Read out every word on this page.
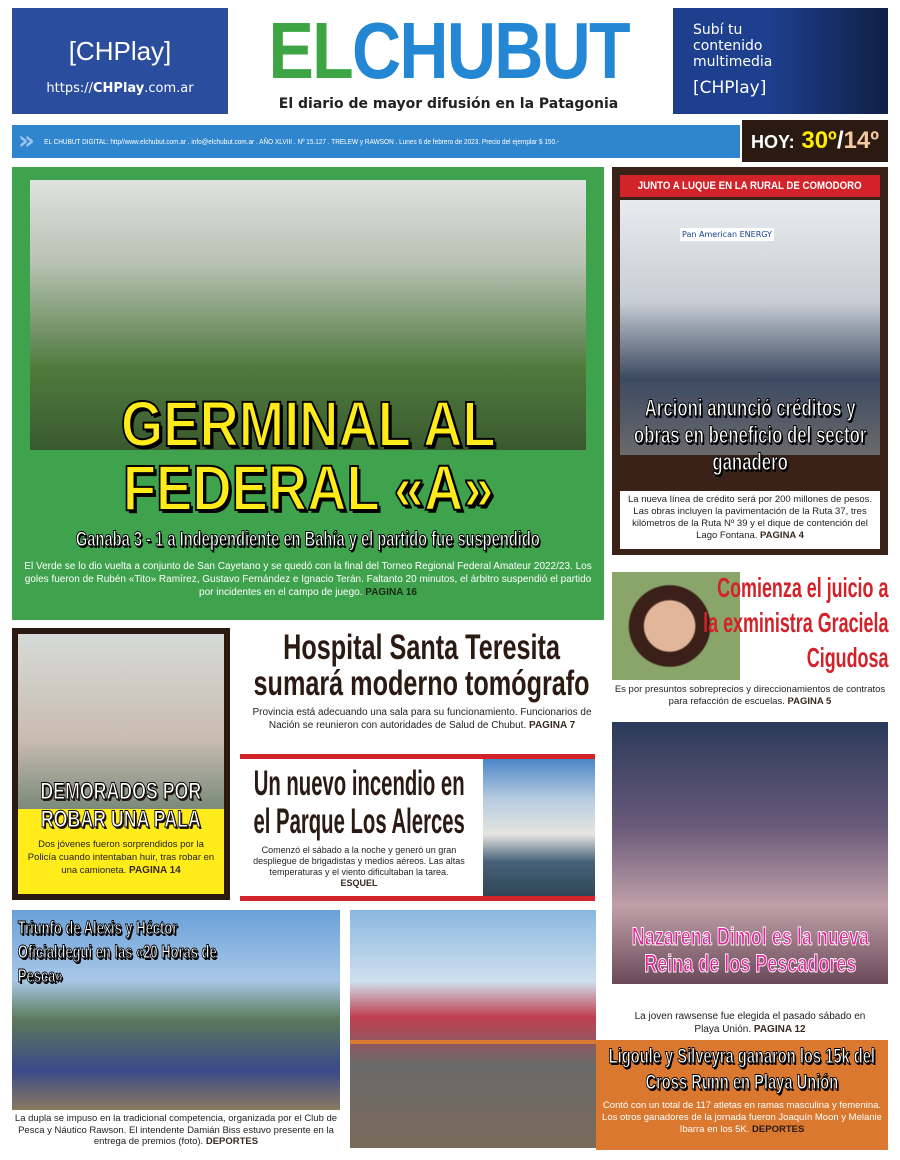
[CHPlay]
https://CHPlay.com.ar ELCHUBUT
El diario de mayor difusión en la Patagonia
Subí tu
contenido
multimedia
[CHPlay]
» EL CHUBUT DIGITAL: http//www.elchubut.com.ar . info@elchubut.com.ar . AÑO XLVIII . Nº 15.127 . TRELEW y RAWSON . Lunes 6 de febrero de 2023. Precio del ejemplar $ 150.-	HOY: 30º/14º
GERMINAL AL
FEDERAL «A»
Ganaba 3 - 1 a Independiente en Bahía y el partido fue suspendido
El Verde se lo dio vuelta a conjunto de San Cayetano y se quedó con la final del Torneo Regional Federal Amateur 2022/23. Los goles fueron de Rubén «Tito» Ramírez, Gustavo Fernández e Ignacio Terán. Faltanto 20 minutos, el árbitro suspendió el partido por incidentes en el campo de juego. PAGINA 16
JUNTO A LUQUE EN LA RURAL DE COMODORO
Pan American ENERGY
Arcioni anunció créditos y obras en beneficio del sector ganadero
La nueva línea de crédito será por 200 millones de pesos. Las obras incluyen la pavimentación de la Ruta 37, tres kilómetros de la Ruta Nº 39 y el dique de contención del Lago Fontana. PAGINA 4
Comienza el juicio a la exministra Graciela Cigudosa
Es por presuntos sobreprecios y direccionamientos de contratos para refacción de escuelas. PAGINA 5
Dos jóvenes fueron sorprendidos por la Policía cuando intentaban huir, tras robar en una camioneta. PAGINA 14
DEMORADOS POR ROBAR UNA PALA
Hospital Santa Teresita
sumará moderno tomógrafo
Provincia está adecuando una sala para su funcionamiento. Funcionarios de Nación se reunieron con autoridades de Salud de Chubut. PAGINA 7
Un nuevo incendio en
el Parque Los Alerces
Comenzó el sábado a la noche y generó un gran despliegue de brigadistas y medios aéreos. Las altas temperaturas y el viento dificultaban la tarea.
ESQUEL
Nazarena Dimol es la nueva Reina de los Pescadores
La joven rawsense fue elegida el pasado sábado en Playa Unión. PAGINA 12
Triunfo de Alexis y Héctor Oficialdegui en las «20 Horas de Pesca»
La dupla se impuso en la tradicional competencia, organizada por el Club de Pesca y Náutico Rawson. El intendente Damián Biss estuvo presente en la entrega de premios (foto). DEPORTES
Ligoule y Silveyra ganaron los 15k del Cross Runn en Playa Unión
Contó con un total de 117 atletas en ramas masculina y femenina. Los otros ganadores de la jornada fueron Joaquín Moon y Melanie Ibarra en los 5K. DEPORTES
